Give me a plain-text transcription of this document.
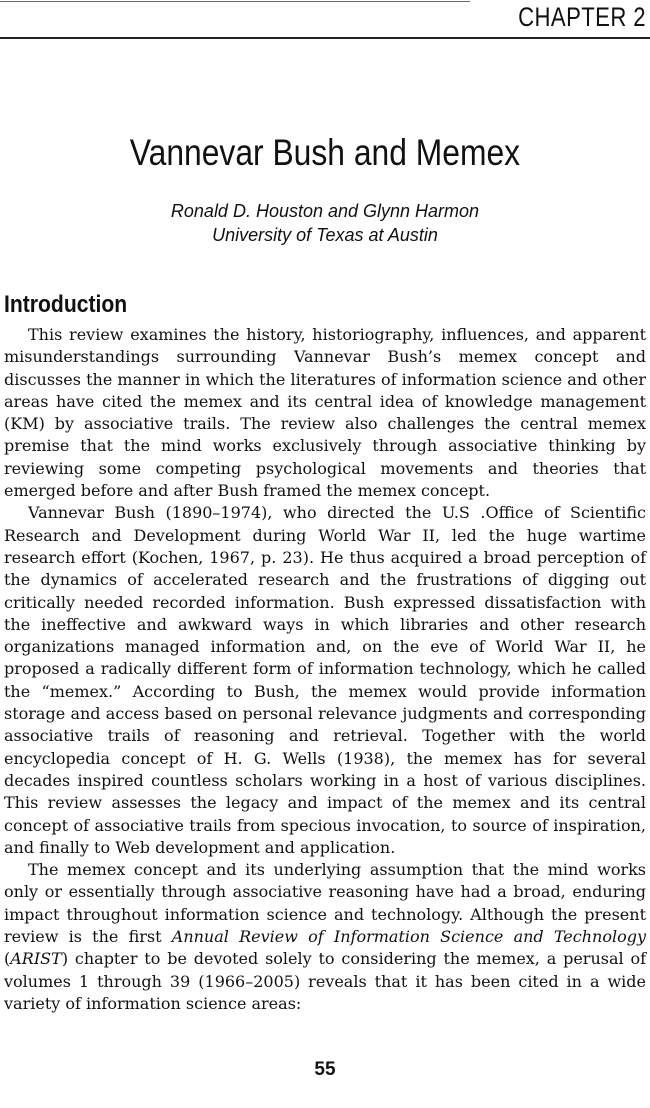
CHAPTER 2
Vannevar Bush and Memex
Ronald D. Houston and Glynn Harmon
University of Texas at Austin
Introduction

This review examines the history, historiography, influences, and apparent misunderstandings surrounding Vannevar Bush’s memex concept and discusses the manner in which the literatures of information science and other areas have cited the memex and its central idea of knowledge management (KM) by associative trails. The review also challenges the central memex premise that the mind works exclusively through associative thinking by reviewing some competing psychological movements and theories that emerged before and after Bush framed the memex concept.

Vannevar Bush (1890–1974), who directed the U.S .Office of Scientific Research and Development during World War II, led the huge wartime research effort (Kochen, 1967, p. 23). He thus acquired a broad perception of the dynamics of accelerated research and the frustrations of digging out critically needed recorded information. Bush expressed dissatisfaction with the ineffective and awkward ways in which libraries and other research organizations managed information and, on the eve of World War II, he proposed a radically different form of information technology, which he called the “memex.” According to Bush, the memex would provide information storage and access based on personal relevance judgments and corresponding associative trails of reasoning and retrieval. Together with the world encyclopedia concept of H. G. Wells (1938), the memex has for several decades inspired countless scholars working in a host of various disciplines. This review assesses the legacy and impact of the memex and its central concept of associative trails from specious invocation, to source of inspiration, and finally to Web development and application.

The memex concept and its underlying assumption that the mind works only or essentially through associative reasoning have had a broad, enduring impact throughout information science and technology. Although the present review is the first Annual Review of Information Science and Technology (ARIST) chapter to be devoted solely to considering the memex, a perusal of volumes 1 through 39 (1966–2005) reveals that it has been cited in a wide variety of information science areas:

55
